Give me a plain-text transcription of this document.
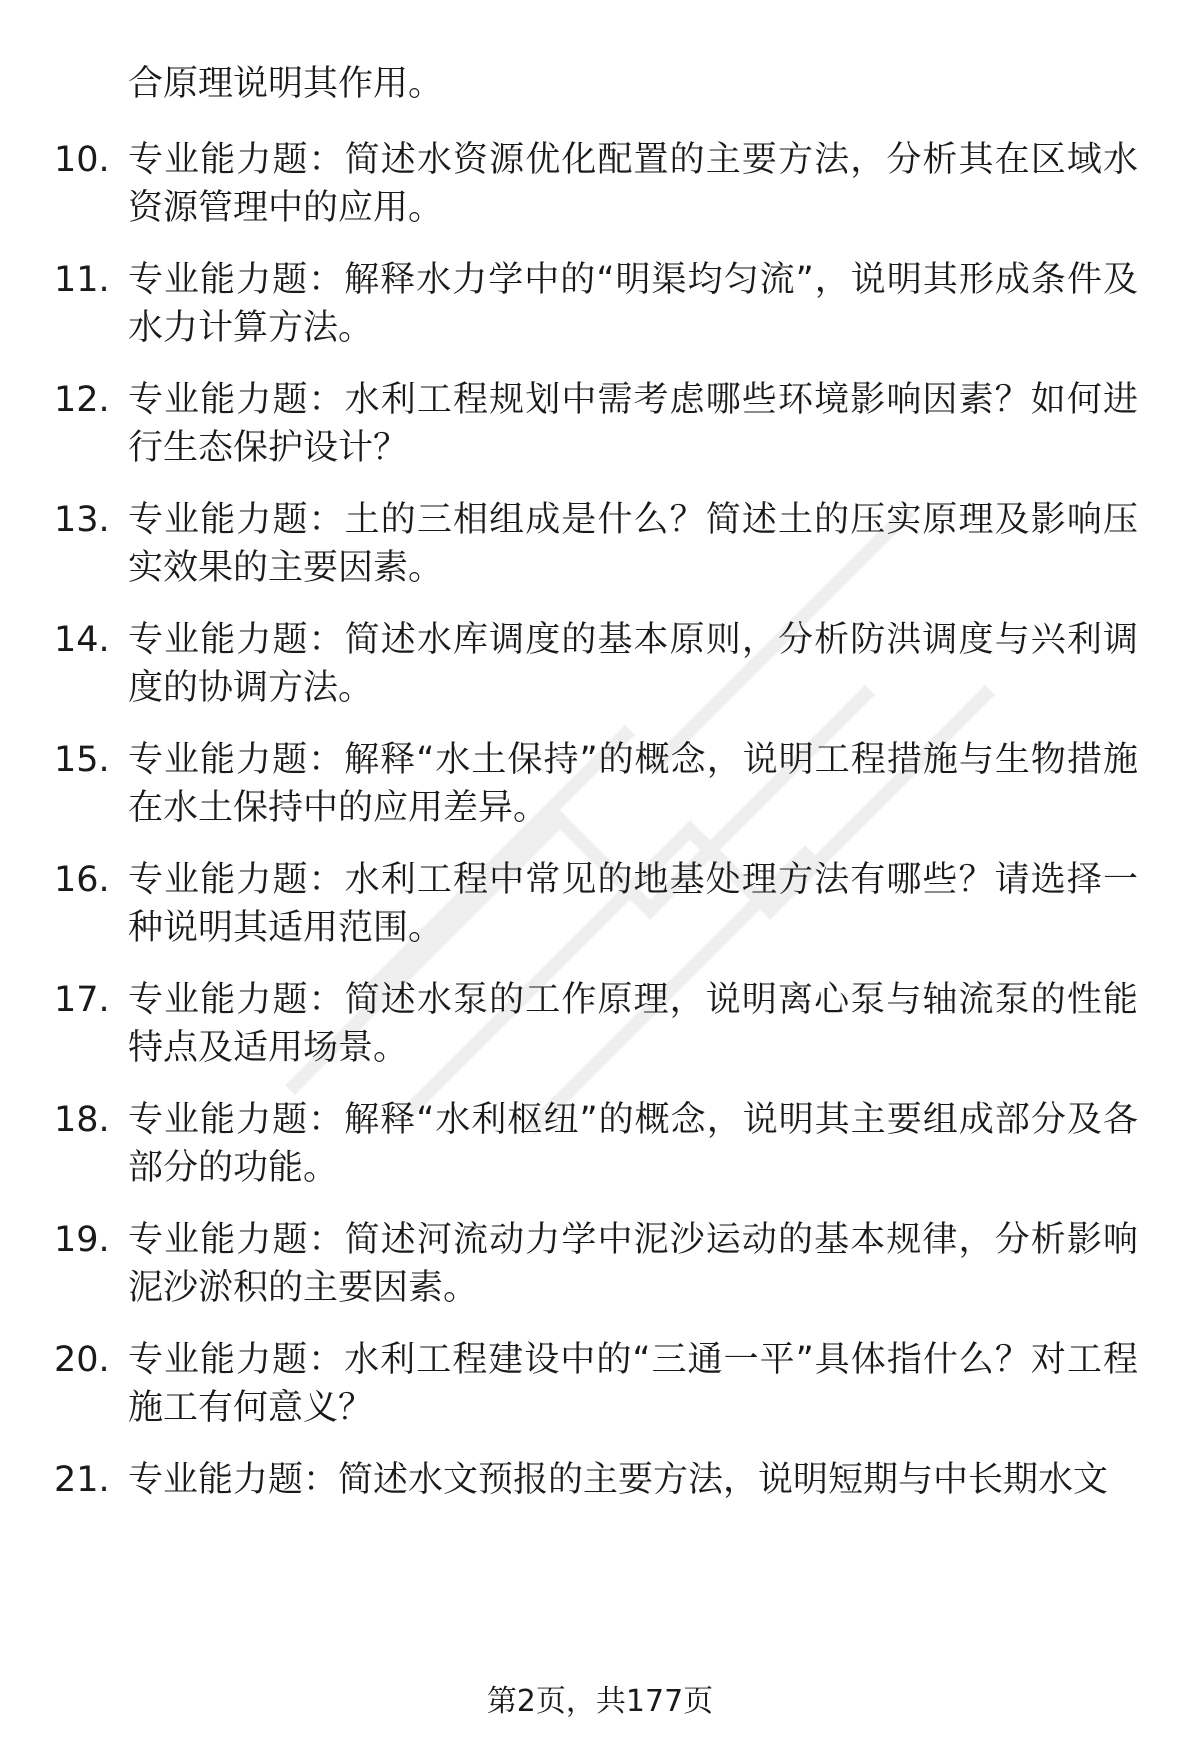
合原理说明其作用。
10. 专业能力题：简述水资源优化配置的主要方法，分析其在区域水资源管理中的应用。
11. 专业能力题：解释水力学中的“明渠均匀流”，说明其形成条件及水力计算方法。
12. 专业能力题：水利工程规划中需考虑哪些环境影响因素？如何进行生态保护设计？
13. 专业能力题：土的三相组成是什么？简述土的压实原理及影响压实效果的主要因素。
14. 专业能力题：简述水库调度的基本原则，分析防洪调度与兴利调度的协调方法。
15. 专业能力题：解释“水土保持”的概念，说明工程措施与生物措施在水土保持中的应用差异。
16. 专业能力题：水利工程中常见的地基处理方法有哪些？请选择一种说明其适用范围。
17. 专业能力题：简述水泵的工作原理，说明离心泵与轴流泵的性能特点及适用场景。
18. 专业能力题：解释“水利枢纽”的概念，说明其主要组成部分及各部分的功能。
19. 专业能力题：简述河流动力学中泥沙运动的基本规律，分析影响泥沙淤积的主要因素。
20. 专业能力题：水利工程建设中的“三通一平”具体指什么？对工程施工有何意义？
21. 专业能力题：简述水文预报的主要方法，说明短期与中长期水文
第2页，共177页
